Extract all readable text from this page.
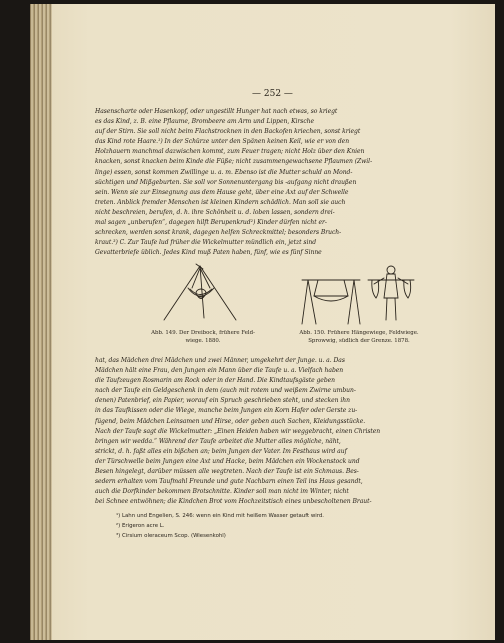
— 252 —
Hasenscharte oder Hasenkopf, oder ungestillt Hunger hat nach etwas, so kriegt
es das Kind, z. B. eine Pflaume, Brombeere am Arm und Lippen, Kirsche
auf der Stirn. Sie soll nicht beim Flachstrocknen in den Backofen kriechen, sonst kriegt
das Kind rote Haare.¹) In der Schürze unter den Spänen keinen Keil, wie er von den
Holzhauern manchmal dazwischen kommt, zum Feuer tragen; nicht Holz über den Knien
knacken, sonst knacken beim Kinde die Füße; nicht zusammengewachsene Pflaumen (Zwil-
linge) essen, sonst kommen Zwillinge u. a. m. Ebenso ist die Mutter schuld an Mond-
süchtigen und Mißgeburten. Sie soll vor Sonnenuntergang bis -aufgang nicht draußen
sein. Wenn sie zur Einsegnung aus dem Hause geht, über eine Axt auf der Schwelle
treten. Anblick fremder Menschen ist kleinen Kindern schädlich. Man soll sie auch
nicht beschreien, berufen, d. h. ihre Schönheit u. d. loben lassen, sondern drei-
mal sagen „unberufen“, dagegen hilft Berupenkrud²) Kinder dürfen nicht er-
schrecken, werden sonst krank, dagegen helfen Schreckmittel; besonders Bruch-
kraut.³) C. Zur Taufe lud früher die Wickelmutter mündlich ein, jetzt sind
Gevatterbriefe üblich. Jedes Kind muß Paten haben, fünf, wie es fünf Sinne
Abb. 149. Der Dreibock, frühere Feld-
wiege. 1880.
Abb. 150. Frühere Hängewiege, Feldwiege.
Sprowwig, südlich der Grenze. 1878.
hat, das Mädchen drei Mädchen und zwei Männer, umgekehrt der Junge. u. a. Das
Mädchen hält eine Frau, den Jungen ein Mann über die Taufe u. a. Vielfach haben
die Taufzeugen Rosmarin am Rock oder in der Hand. Die Kindtaufsgäste geben
nach der Taufe ein Geldgeschenk in dem (auch mit rotem und weißem Zwirne umbun-
denen) Patenbrief, ein Papier, worauf ein Spruch geschrieben steht, und stecken ihn
in das Taufkissen oder die Wiege, manche beim Jungen ein Korn Hafer oder Gerste zu-
fügend, beim Mädchen Leinsamen und Hirse, oder geben auch Sachen, Kleidungsstücke.
Nach der Taufe sagt die Wickelmutter: „Einen Heiden haben wir weggebracht, einen Christen
bringen wir wedda.“ Während der Taufe arbeitet die Mutter alles mögliche, näht,
strickt, d. h. faßt alles ein bißchen an; beim Jungen der Vater. Im Festhaus wird auf
der Türschwelle beim Jungen eine Axt und Hacke, beim Mädchen ein Wockenstock und
Besen hingelegt, darüber müssen alle wegtreten. Nach der Taufe ist ein Schmaus. Bes-
sedern erhalten vom Taufmahl Freunde und gute Nachbarn einen Teil ins Haus gesandt,
auch die Dorfkinder bekommen Brotschnitte. Kinder soll man nicht im Winter, nicht
bei Schnee entwöhnen; die Kindchen Brot vom Hochzeitstisch eines unbescholtenen Braut-
¹) Lahn und Engelien, S. 246: wenn ein Kind mit heißem Wasser getauft wird.
²) Erigeron acre L.
³) Cirsium oleraceum Scop. (Wiesenkohl)
